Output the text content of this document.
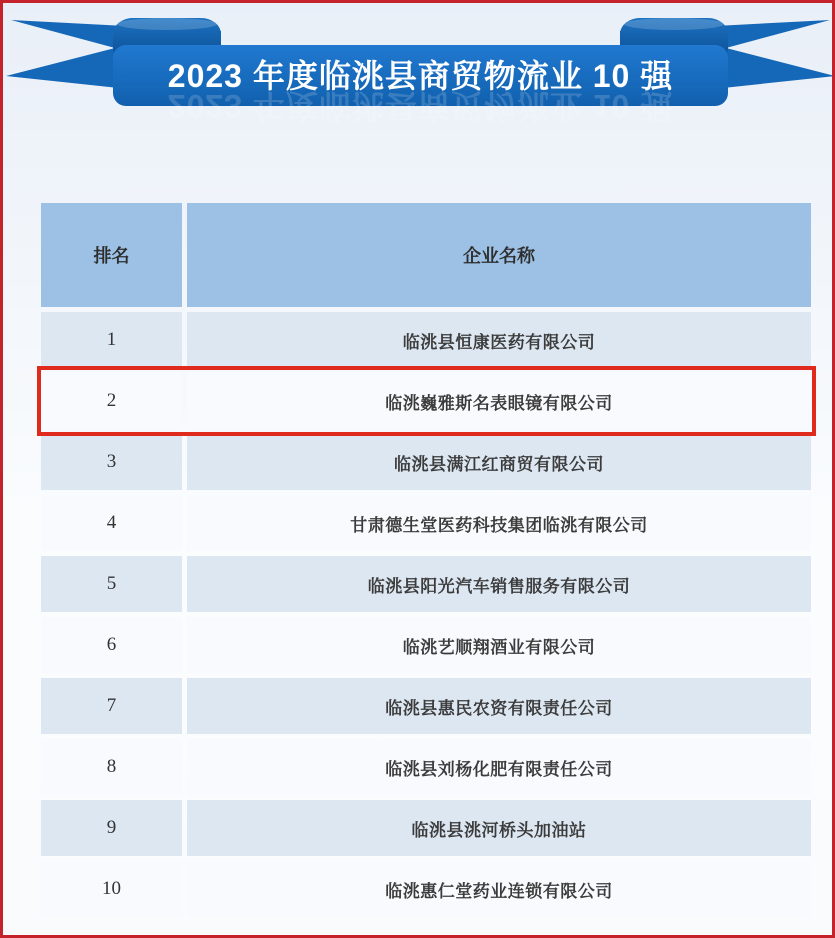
2023 年度临洮县商贸物流业 10 强
2023 年度临洮县商贸物流业 10 强
排名	企业名称
1	临洮县恒康医药有限公司
2	临洮巍雅斯名表眼镜有限公司
3	临洮县满江红商贸有限公司
4	甘肃德生堂医药科技集团临洮有限公司
5	临洮县阳光汽车销售服务有限公司
6	临洮艺顺翔酒业有限公司
7	临洮县惠民农资有限责任公司
8	临洮县刘杨化肥有限责任公司
9	临洮县洮河桥头加油站
10	临洮惠仁堂药业连锁有限公司
